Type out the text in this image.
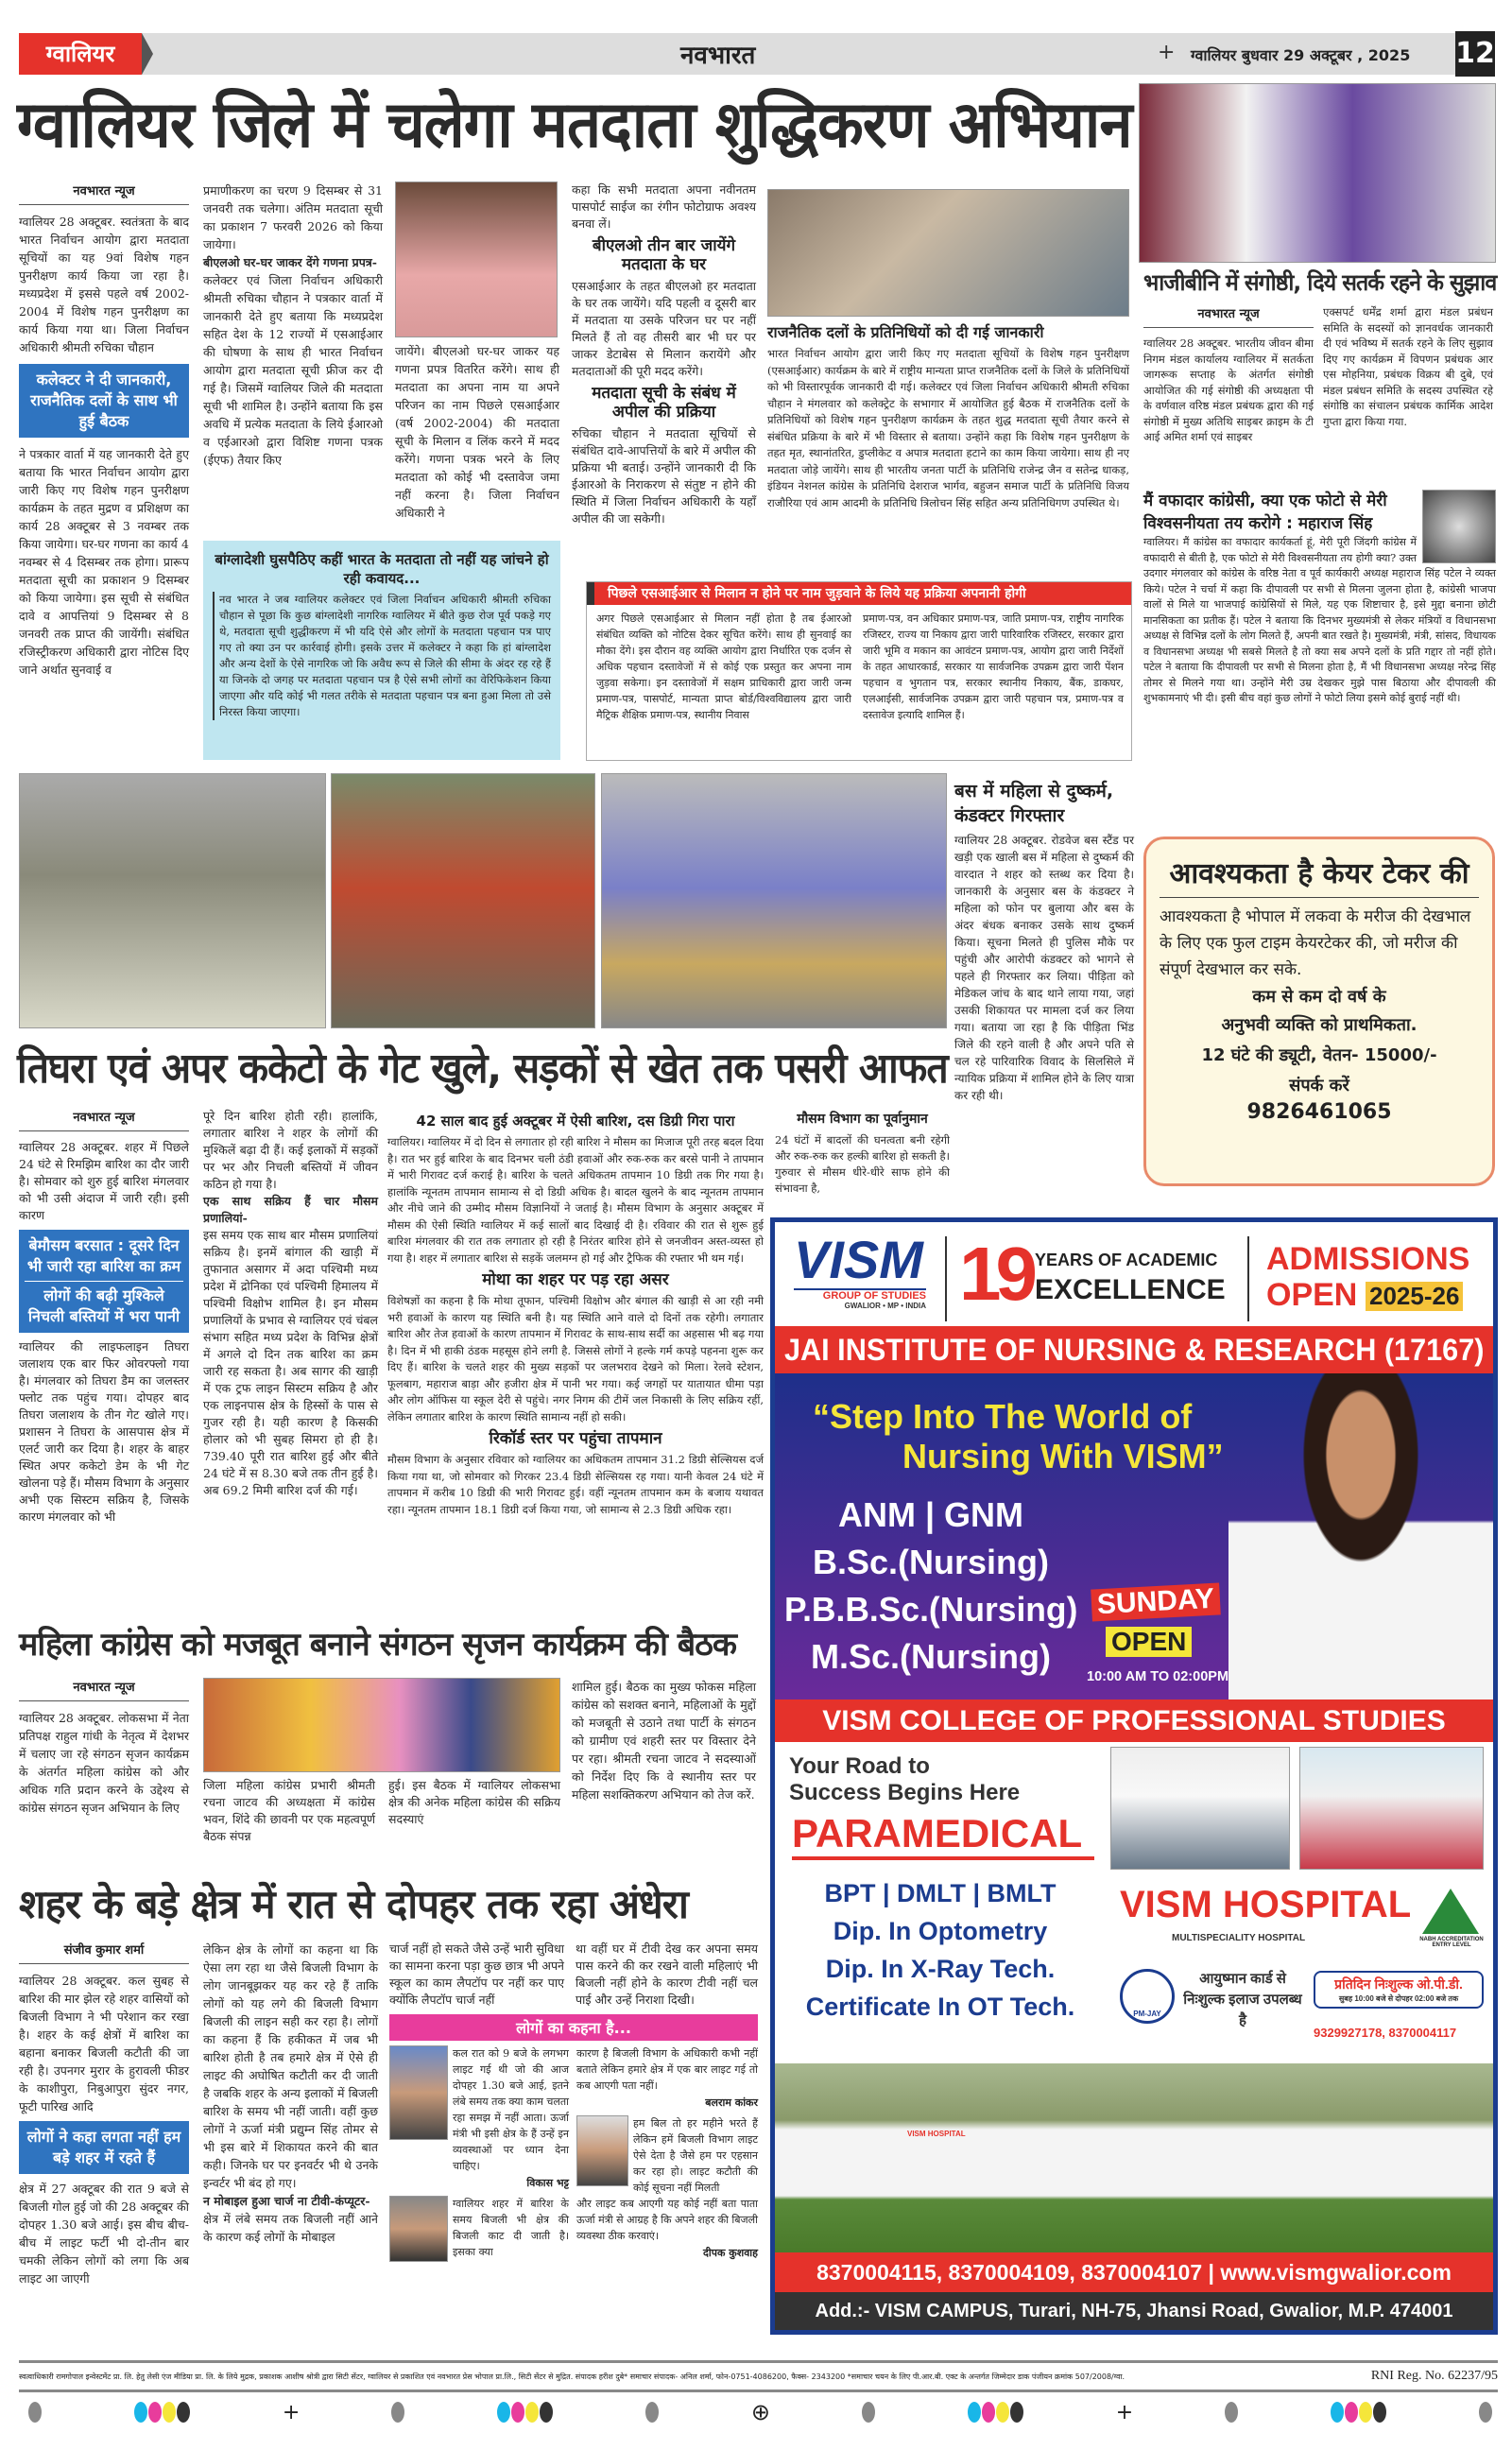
ग्वालियर	नवभारत	+ ग्वालियर बुधवार 29 अक्टूबर , 2025	12
ग्वालियर जिले में चलेगा मतदाता शुद्धिकरण अभियान
नवभारत न्यूज

ग्वालियर 28 अक्टूबर. स्वतंत्रता के बाद भारत निर्वाचन आयोग द्वारा मतदाता सूचियों का यह 9वां विशेष गहन पुनरीक्षण कार्य किया जा रहा है। मध्यप्रदेश में इससे पहले वर्ष 2002-2004 में विशेष गहन पुनरीक्षण का कार्य किया गया था। जिला निर्वाचन अधिकारी श्रीमती रुचिका चौहान

कलेक्टर ने दी जानकारी, राजनैतिक दलों के साथ भी हुई बैठक

ने पत्रकार वार्ता में यह जानकारी देते हुए बताया कि भारत निर्वाचन आयोग द्वारा जारी किए गए विशेष गहन पुनरीक्षण कार्यक्रम के तहत मुद्रण व प्रशिक्षण का कार्य 28 अक्टूबर से 3 नवम्बर तक किया जायेगा। घर-घर गणना का कार्य 4 नवम्बर से 4 दिसम्बर तक होगा। प्रारूप मतदाता सूची का प्रकाशन 9 दिसम्बर को किया जायेगा। इस सूची से संबंधित दावे व आपत्तियां 9 दिसम्बर से 8 जनवरी तक प्राप्त की जायेंगी। संबंधित रजिस्ट्रीकरण अधिकारी द्वारा नोटिस दिए जाने अर्थात सुनवाई व

प्रमाणीकरण का चरण 9 दिसम्बर से 31 जनवरी तक चलेगा। अंतिम मतदाता सूची का प्रकाशन 7 फरवरी 2026 को किया जायेगा।

बीएलओ घर-घर जाकर देंगे गणना प्रपत्र-

कलेक्टर एवं जिला निर्वाचन अधिकारी श्रीमती रुचिका चौहान ने पत्रकार वार्ता में जानकारी देते हुए बताया कि मध्यप्रदेश सहित देश के 12 राज्यों में एसआईआर की घोषणा के साथ ही भारत निर्वाचन आयोग द्वारा मतदाता सूची फ्रीज कर दी गई है। जिसमें ग्वालियर जिले की मतदाता सूची भी शामिल है। उन्होंने बताया कि इस अवधि में प्रत्येक मतदाता के लिये ईआरओ व एईआरओ द्वारा विशिष्ट गणना पत्रक (ईएफ) तैयार किए

जायेंगे। बीएलओ घर-घर जाकर यह गणना प्रपत्र वितरित करेंगे। साथ ही मतदाता का अपना नाम या अपने परिजन का नाम पिछले एसआईआर (वर्ष 2002-2004) की मतदाता सूची के मिलान व लिंक करने में मदद करेंगे। गणना पत्रक भरने के लिए मतदाता को कोई भी दस्तावेज जमा नहीं करना है। जिला निर्वाचन अधिकारी ने

कहा कि सभी मतदाता अपना नवीनतम पासपोर्ट साईज का रंगीन फोटोग्राफ अवश्य बनवा लें।

बीएलओ तीन बार जायेंगे मतदाता के घर

एसआईआर के तहत बीएलओ हर मतदाता के घर तक जायेंगे। यदि पहली व दूसरी बार में मतदाता या उसके परिजन घर पर नहीं मिलते हैं तो वह तीसरी बार भी घर पर जाकर डेटाबेस से मिलान करायेंगे और मतदाताओं की पूरी मदद करेंगे।

मतदाता सूची के संबंध में अपील की प्रक्रिया

रुचिका चौहान ने मतदाता सूचियों से संबंधित दावे-आपत्तियों के बारे में अपील की प्रक्रिया भी बताई। उन्होंने जानकारी दी कि ईआरओ के निराकरण से संतुष्ट न होने की स्थिति में जिला निर्वाचन अधिकारी के यहाँ अपील की जा सकेगी।

राजनैतिक दलों के प्रतिनिधियों को दी गई जानकारी

भारत निर्वाचन आयोग द्वारा जारी किए गए मतदाता सूचियों के विशेष गहन पुनरीक्षण (एसआईआर) कार्यक्रम के बारे में राष्ट्रीय मान्यता प्राप्त राजनैतिक दलों के जिले के प्रतिनिधियों को भी विस्तारपूर्वक जानकारी दी गई। कलेक्टर एवं जिला निर्वाचन अधिकारी श्रीमती रुचिका चौहान ने मंगलवार को कलेक्ट्रेट के सभागार में आयोजित हुई बैठक में राजनैतिक दलों के प्रतिनिधियों को विशेष गहन पुनरीक्षण कार्यक्रम के तहत शुद्ध मतदाता सूची तैयार करने से संबंधित प्रक्रिया के बारे में भी विस्तार से बताया। उन्होंने कहा कि विशेष गहन पुनरीक्षण के तहत मृत, स्थानांतरित, डुप्लीकेट व अपात्र मतदाता हटाने का काम किया जायेगा। साथ ही नए मतदाता जोड़े जायेंगे। साथ ही भारतीय जनता पार्टी के प्रतिनिधि राजेन्द्र जैन व सतेन्द्र धाकड़, इंडियन नेशनल कांग्रेस के प्रतिनिधि देशराज भार्गव, बहुजन समाज पार्टी के प्रतिनिधि विजय राजौरिया एवं आम आदमी के प्रतिनिधि त्रिलोचन सिंह सहित अन्य प्रतिनिधिगण उपस्थित थे।

बांग्लादेशी घुसपैठिए कहीं भारत के मतदाता तो नहीं यह जांचने हो रही कवायद...

नव भारत ने जब ग्वालियर कलेक्टर एवं जिला निर्वाचन अधिकारी श्रीमती रुचिका चौहान से पूछा कि कुछ बांग्लादेशी नागरिक ग्वालियर में बीते कुछ रोज पूर्व पकड़े गए थे, मतदाता सूची शुद्धीकरण में भी यदि ऐसे और लोगों के मतदाता पहचान पत्र पाए गए तो क्या उन पर कार्रवाई होगी। इसके उत्तर में कलेक्टर ने कहा कि हां बांग्लादेश और अन्य देशों के ऐसे नागरिक जो कि अवैध रूप से जिले की सीमा के अंदर रह रहे हैं या जिनके दो जगह पर मतदाता पहचान पत्र है ऐसे सभी लोगों का वेरिफिकेशन किया जाएगा और यदि कोई भी गलत तरीके से मतदाता पहचान पत्र बना हुआ मिला तो उसे निरस्त किया जाएगा।

पिछले एसआईआर से मिलान न होने पर नाम जुड़वाने के लिये यह प्रक्रिया अपनानी होगी

अगर पिछले एसआईआर से मिलान नहीं होता है तब ईआरओ संबंधित व्यक्ति को नोटिस देकर सूचित करेंगे। साथ ही सुनवाई का मौका देंगे। इस दौरान वह व्यक्ति आयोग द्वारा निर्धारित एक दर्जन से अधिक पहचान दस्तावेजों में से कोई एक प्रस्तुत कर अपना नाम जुड़वा सकेगा। इन दस्तावेजों में सक्षम प्राधिकारी द्वारा जारी जन्म प्रमाण-पत्र, पासपोर्ट, मान्यता प्राप्त बोर्ड/विश्वविद्यालय द्वारा जारी मैट्रिक शैक्षिक प्रमाण-पत्र, स्थानीय निवास

प्रमाण-पत्र, वन अधिकार प्रमाण-पत्र, जाति प्रमाण-पत्र, राष्ट्रीय नागरिक रजिस्टर, राज्य या निकाय द्वारा जारी पारिवारिक रजिस्टर, सरकार द्वारा जारी भूमि व मकान का आवंटन प्रमाण-पत्र, आयोग द्वारा जारी निर्देशों के तहत आधारकार्ड, सरकार या सार्वजनिक उपक्रम द्वारा जारी पेंशन पहचान व भुगतान पत्र, सरकार स्थानीय निकाय, बैंक, डाकघर, एलआईसी, सार्वजनिक उपक्रम द्वारा जारी पहचान पत्र, प्रमाण-पत्र व दस्तावेज इत्यादि शामिल हैं।

भाजीबीनि में संगोष्ठी, दिये सतर्क रहने के सुझाव
नवभारत न्यूज

ग्वालियर 28 अक्टूबर. भारतीय जीवन बीमा निगम मंडल कार्यालय ग्वालियर में सतर्कता जागरूक सप्ताह के अंतर्गत संगोष्ठी आयोजित की गई संगोष्ठी की अध्यक्षता पी के वर्णवाल वरिष्ठ मंडल प्रबंधक द्वारा की गई संगोष्ठी में मुख्य अतिथि साइबर क्राइम के टी आई अमित शर्मा एवं साइबर

एक्सपर्ट धर्मेंद्र शर्मा द्वारा मंडल प्रबंधन समिति के सदस्यों को ज्ञानवर्धक जानकारी दी एवं भविष्य में सतर्क रहने के लिए सुझाव दिए गए कार्यक्रम में विपणन प्रबंधक आर एस मोहनिया, प्रबंधक विक्रय बी दुबे, एवं मंडल प्रबंधन समिति के सदस्य उपस्थित रहे संगोष्ठि का संचालन प्रबंधक कार्मिक आदेश गुप्ता द्वारा किया गया.

मैं वफादार कांग्रेसी, क्या एक फोटो से मेरी विश्वसनीयता तय करोगे : महाराज सिंह

ग्वालियर। मैं कांग्रेस का वफादार कार्यकर्ता हूं, मेरी पूरी जिंदगी कांग्रेस में वफादारी से बीती है, एक फोटो से मेरी विश्वसनीयता तय होगी क्या? उक्त उदगार मंगलवार को कांग्रेस के वरिष्ठ नेता व पूर्व कार्यकारी अध्यक्ष महाराज सिंह पटेल ने व्यक्त किये। पटेल ने चर्चा में कहा कि दीपावली पर सभी से मिलना जुलना होता है, कांग्रेसी भाजपा वालों से मिले या भाजपाई कांग्रेसियों से मिले, यह एक शिष्टाचार है, इसे मुद्दा बनाना छोटी मानसिकता का प्रतीक हैं। पटेल ने बताया कि दिनभर मुख्यमंत्री से लेकर मंत्रियों व विधानसभा अध्यक्ष से विभिन्न दलों के लोग मिलते हैं, अपनी बात रखते है। मुख्यमंत्री, मंत्री, सांसद, विधायक व विधानसभा अध्यक्ष भी सबसे मिलते है तो क्या सब अपने दलों के प्रति गद्दार तो नहीं होते। पटेल ने बताया कि दीपावली पर सभी से मिलना होता है, मैं भी विधानसभा अध्यक्ष नरेन्द्र सिंह तोमर से मिलने गया था। उन्होंने मेरी उम्र देखकर मुझे पास बिठाया और दीपावली की शुभकामनाएं भी दी। इसी बीच वहां कुछ लोगों ने फोटो लिया इसमे कोई बुराई नहीं थी।

बस में महिला से दुष्कर्म, कंडक्टर गिरफ्तार

ग्वालियर 28 अक्टूबर. रोडवेज बस स्टैंड पर खड़ी एक खाली बस में महिला से दुष्कर्म की वारदात ने शहर को स्तब्ध कर दिया है। जानकारी के अनुसार बस के कंडक्टर ने महिला को फोन पर बुलाया और बस के अंदर बंधक बनाकर उसके साथ दुष्कर्म किया। सूचना मिलते ही पुलिस मौके पर पहुंची और आरोपी कंडक्टर को भागने से पहले ही गिरफ्तार कर लिया। पीड़िता को मेडिकल जांच के बाद थाने लाया गया, जहां उसकी शिकायत पर मामला दर्ज कर लिया गया। बताया जा रहा है कि पीड़िता भिंड जिले की रहने वाली है और अपने पति से चल रहे पारिवारिक विवाद के सिलसिले में न्यायिक प्रक्रिया में शामिल होने के लिए यात्रा कर रही थी।

आवश्यकता है केयर टेकर की

आवश्यकता है भोपाल में लकवा के मरीज की देखभाल के लिए एक फुल टाइम केयरटेकर की, जो मरीज की संपूर्ण देखभाल कर सके.

कम से कम दो वर्ष के
अनुभवी व्यक्ति को प्राथमिकता.
12 घंटे की ड्यूटी, वेतन- 15000/-
संपर्क करें
9826461065
तिघरा एवं अपर ककेटो के गेट खुले, सड़कों से खेत तक पसरी आफत
नवभारत न्यूज

ग्वालियर 28 अक्टूबर. शहर में पिछले 24 घंटे से रिमझिम बारिश का दौर जारी है। सोमवार को शुरु हुई बारिश मंगलवार को भी उसी अंदाज में जारी रही। इसी कारण

बेमौसम बरसात : दूसरे दिन भी जारी रहा बारिश का क्रम
लोगों की बढ़ी मुश्किले निचली बस्तियों में भरा पानी

ग्वालियर की लाइफलाइन तिघरा जलाशय एक बार फिर ओवरफ्लो गया है। मंगलवार को तिघरा डैम का जलस्तर फ्लोट तक पहुंच गया। दोपहर बाद तिघरा जलाशय के तीन गेट खोले गए। प्रशासन ने तिघरा के आसपास क्षेत्र में एलर्ट जारी कर दिया है। शहर के बाहर स्थित अपर ककेटो डेम के भी गेट खोलना पड़े हैं। मौसम विभाग के अनुसार अभी एक सिस्टम सक्रिय है, जिसके कारण मंगलवार को भी

पूरे दिन बारिश होती रही। हालांकि, लगातार बारिश ने शहर के लोगों की मुश्किलें बढ़ा दी हैं। कई इलाकों में सड़कों पर भर और निचली बस्तियों में जीवन कठिन हो गया है।

एक साथ सक्रिय हैं चार मौसम प्रणालियां-

इस समय एक साथ बार मौसम प्रणालियां सक्रिय है। इनमें बांगाल की खाड़ी में तुफानात असागर में अदा पश्चिमी मध्य प्रदेश में द्रोनिका एवं पश्चिमी हिमालय में पश्चिमी विक्षोभ शामिल है। इन मौसम प्रणालियों के प्रभाव से ग्वालियर एवं चंबल संभाग सहित मध्य प्रदेश के विभिन्न क्षेत्रों में अगले दो दिन तक बारिश का क्रम जारी रह सकता है। अब सागर की खाड़ी में एक ट्रफ लाइन सिस्टम सक्रिय है और एक लाइनपास क्षेत्र के हिस्सों के पास से गुजर रही है। यही कारण है किसकी होलार को भी सुबह सिमरा हो ही है। 739.40 पूरी रात बारिश हुई और बीते 24 घंटे में स 8.30 बजे तक तीन हुई है। अब 69.2 मिमी बारिश दर्ज की गई।

42 साल बाद हुई अक्टूबर में ऐसी बारिश, दस डिग्री गिरा पारा

ग्वालियर। ग्वालियर में दो दिन से लगातार हो रही बारिश ने मौसम का मिजाज पूरी तरह बदल दिया है। रात भर हुई बारिश के बाद दिनभर चली ठंडी हवाओं और रुक-रुक कर बरसे पानी ने तापमान में भारी गिरावट दर्ज कराई है। बारिश के चलते अधिकतम तापमान 10 डिग्री तक गिर गया है। हालांकि न्यूनतम तापमान सामान्य से दो डिग्री अधिक है। बादल खुलने के बाद न्यूनतम तापमान और नीचे जाने की उम्मीद मौसम विज्ञानियों ने जताई है। मौसम विभाग के अनुसार अक्टूबर में मौसम की ऐसी स्थिति ग्वालियर में कई सालों बाद दिखाई दी है। रविवार की रात से शुरू हुई बारिश मंगलवार की रात तक लगातार हो रही है निरंतर बारिश होने से जनजीवन अस्त-व्यस्त हो गया है। शहर में लगातार बारिश से सड़कें जलमग्न हो गई और ट्रैफिक की रफ्तार भी थम गई।

मोथा का शहर पर पड़ रहा असर

विशेषज्ञों का कहना है कि मोथा तूफान, पश्चिमी विक्षोभ और बंगाल की खाड़ी से आ रही नमी भरी हवाओं के कारण यह स्थिति बनी है। यह स्थिति आने वाले दो दिनों तक रहेगी। लगातार बारिश और तेज हवाओं के कारण तापमान में गिरावट के साथ-साथ सर्दी का अहसास भी बढ़ गया है। दिन में भी हाकी ठंडक महसूस होने लगी है. जिससे लोगों ने हल्के गर्म कपड़े पहनना शुरू कर दिए हैं। बारिश के चलते शहर की मुख्य सड़कों पर जलभराव देखने को मिला। रेलवे स्टेशन, फूलबाग, महाराज बाड़ा और हजीरा क्षेत्र में पानी भर गया। कई जगहों पर यातायात धीमा पड़ा और लोग ऑफिस या स्कूल देरी से पहुंचे। नगर निगम की टीमें जल निकासी के लिए सक्रिय रहीं, लेकिन लगातार बारिश के कारण स्थिति सामान्य नहीं हो सकी।

रिकॉर्ड स्तर पर पहुंचा तापमान

मौसम विभाग के अनुसार रविवार को ग्वालियर का अधिकतम तापमान 31.2 डिग्री सेल्सियस दर्ज किया गया था, जो सोमवार को गिरकर 23.4 डिग्री सेल्सियस रह गया। यानी केवल 24 घंटे में तापमान में करीब 10 डिग्री की भारी गिरावट हुई। वहीं न्यूनतम तापमान कम के बजाय यथावत रहा। न्यूनतम तापमान 18.1 डिग्री दर्ज किया गया, जो सामान्य से 2.3 डिग्री अधिक रहा।

मौसम विभाग का पूर्वानुमान

24 घंटों में बादलों की घनत्वता बनी रहेगी और रुक-रुक कर हल्की बारिश हो सकती है। गुरुवार से मौसम धीरे-धीरे साफ होने की संभावना है,

महिला कांग्रेस को मजबूत बनाने संगठन सृजन कार्यक्रम की बैठक
नवभारत न्यूज

ग्वालियर 28 अक्टूबर. लोकसभा में नेता प्रतिपक्ष राहुल गांधी के नेतृत्व में देशभर में चलाए जा रहे संगठन सृजन कार्यक्रम के अंतर्गत महिला कांग्रेस को और अधिक गति प्रदान करने के उद्देश्य से कांग्रेस संगठन सृजन अभियान के लिए

जिला महिला कांग्रेस प्रभारी श्रीमती रचना जाटव की अध्यक्षता में कांग्रेस भवन, शिंदे की छावनी पर एक महत्वपूर्ण बैठक संपन्न

हुई। इस बैठक में ग्वालियर लोकसभा क्षेत्र की अनेक महिला कांग्रेस की सक्रिय सदस्याएं

शामिल हुई। बैठक का मुख्य फोकस महिला कांग्रेस को सशक्त बनाने, महिलाओं के मुद्दों को मजबूती से उठाने तथा पार्टी के संगठन को ग्रामीण एवं शहरी स्तर पर विस्तार देने पर रहा। श्रीमती रचना जाटव ने सदस्याओं को निर्देश दिए कि वे स्थानीय स्तर पर महिला सशक्तिकरण अभियान को तेज करें.

शहर के बड़े क्षेत्र में रात से दोपहर तक रहा अंधेरा
संजीव कुमार शर्मा

ग्वालियर 28 अक्टूबर. कल सुबह से बारिश की मार झेल रहे शहर वासियों को बिजली विभाग ने भी परेशान कर रखा है। शहर के कई क्षेत्रों में बारिश का बहाना बनाकर बिजली कटौती की जा रही है। उपनगर मुरार के हुरावली फीडर के काशीपुरा, निबुआपुरा सुंदर नगर, फूटी पारिख आदि

लोगों ने कहा लगता नहीं हम बड़े शहर में रहते हैं

क्षेत्र में 27 अक्टूबर की रात 9 बजे से बिजली गोल हुई जो की 28 अक्टूबर की दोपहर 1.30 बजे आई। इस बीच बीच-बीच में लाइट फर्टी भी दो-तीन बार चमकी लेकिन लोगों को लगा कि अब लाइट आ जाएगी

लेकिन क्षेत्र के लोगों का कहना था कि ऐसा लग रहा था जैसे बिजली विभाग के लोग जानबूझकर यह कर रहे हैं ताकि लोगों को यह लगे की बिजली विभाग बिजली की लाइन सही कर रहा है। लोगों का कहना हैं कि हकीकत में जब भी बारिश होती है तब हमारे क्षेत्र में ऐसे ही लाइट की अघोषित कटौती कर दी जाती है जबकि शहर के अन्य इलाकों में बिजली बारिश के समय भी नहीं जाती। वहीं कुछ लोगों ने ऊर्जा मंत्री प्रद्युम्न सिंह तोमर से भी इस बारे में शिकायत करने की बात कही। जिनके घर पर इनवर्टर भी थे उनके इन्वर्टर भी बंद हो गए।

न मोबाइल हुआ चार्ज ना टीवी-कंप्यूटर-

क्षेत्र में लंबे समय तक बिजली नहीं आने के कारण कई लोगों के मोबाइल

चार्ज नहीं हो सकते जैसे उन्हें भारी सुविधा का सामना करना पड़ा कुछ छात्र भी अपने स्कूल का काम लैपटॉप पर नहीं कर पाए क्योंकि लैपटॉप चार्ज नहीं

था वहीं घर में टीवी देख कर अपना समय पास करने की कर रखने वाली महिलाएं भी बिजली नहीं होने के कारण टीवी नहीं चल पाई और उन्हें निराशा दिखी।

लोगों का कहना है...

कल रात को 9 बजे के लगभग लाइट गई थी जो की आज दोपहर 1.30 बजे आई, इतने लंबे समय तक क्या काम चलता रहा समझ में नहीं आता। ऊर्जा मंत्री भी इसी क्षेत्र के हैं उन्हें इन व्यवस्थाओं पर ध्यान देना चाहिए।

विकास भट्ट

ग्वालियर शहर में बारिश के समय बिजली भी क्षेत्र की बिजली काट दी जाती है। इसका क्या

कारण है बिजली विभाग के अधिकारी कभी नहीं बताते लेकिन हमारे क्षेत्र में एक बार लाइट गई तो कब आएगी पता नहीं।

बलराम कांकर

हम बिल तो हर महीने भरते हैं लेकिन हमें बिजली विभाग लाइट ऐसे देता है जैसे हम पर एहसान कर रहा हो। लाइट कटौती की कोई सूचना नहीं मिलती

और लाइट कब आएगी यह कोई नहीं बता पाता ऊर्जा मंत्री से आग्रह है कि अपने शहर की बिजली व्यवस्था ठीक करवाएं।

दीपक कुशवाह
VISM
GROUP OF STUDIES
GWALIOR • MP • INDIA 19 YEARS OF ACADEMIC
EXCELLENCE
ADMISSIONS
OPEN 2025-26
JAI INSTITUTE OF NURSING & RESEARCH (17167)
“Step Into The World of
Nursing With VISM”
ANM | GNM
B.Sc.(Nursing)
P.B.B.Sc.(Nursing)
M.Sc.(Nursing)
SUNDAY
OPEN
10:00 AM TO 02:00PM
VISM COLLEGE OF PROFESSIONAL STUDIES
Your Road to
Success Begins Here
PARAMEDICAL
BPT | DMLT | BMLT
Dip. In Optometry
Dip. In X-Ray Tech.
Certificate In OT Tech.
VISM HOSPITAL
MULTISPECIALITY HOSPITAL	NABH ACCREDITATION ENTRY LEVEL
PM-JAY
आयुष्मान कार्ड से निःशुल्क इलाज उपलब्ध है
प्रतिदिन निःशुल्क ओ.पी.डी.
सुबह 10:00 बजे से दोपहर 02:00 बजे तक
9329927178, 8370004117
VISM HOSPITAL
8370004115, 8370004109, 8370004107 | www.vismgwalior.com
Add.:- VISM CAMPUS, Turari, NH-75, Jhansi Road, Gwalior, M.P. 474001
स्वत्वाधिकारी रामगोपाल इन्वेस्टमेंट प्रा. लि. हेतु लेसी एंज मीडिया प्रा. लि. के लिये मुद्रक, प्रकाशक आशीष श्रोत्री द्वारा सिटी सेंटर, ग्वालियर से प्रकाशित एवं नवभारत प्रेस भोपाल प्रा.लि., सिटी सेंटर से मुद्रित. संपादक हरीश दुबे* समाचार संपादक- अनिल शर्मा, फोन-0751-4086200, फैक्स- 2343200 *समाचार चयन के लिए पी.आर.बी. एक्ट के अन्तर्गत जिम्मेदार डाक पंजीयन क्रमांक 507/2008/ग्वा.	RNI Reg. No. 62237/95
+	⊕	+
